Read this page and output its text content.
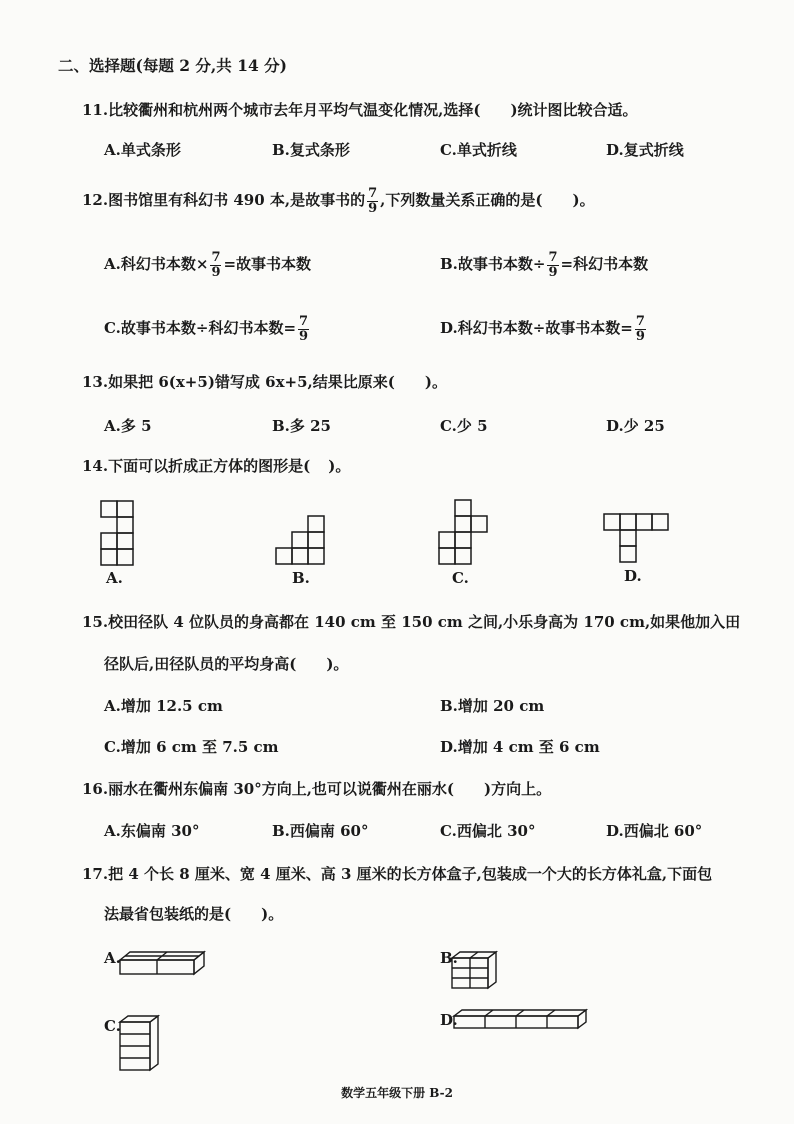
二、选择题(每题 2 分,共 14 分)
11.比较衢州和杭州两个城市去年月平均气温变化情况,选择( )统计图比较合适。
A.单式条形	B.复式条形	C.单式折线	D.复式折线
12.图书馆里有科幻书 490 本,是故事书的 $\frac{7}{9}$ ,下列数量关系正确的是( )。
A.科幻书本数× $\frac{7}{9}$ =故事书本数	B.故事书本数÷ $\frac{7}{9}$ =科幻书本数
C.故事书本数÷科幻书本数= $\frac{7}{9}$	D.科幻书本数÷故事书本数= $\frac{7}{9}$
13.如果把 6(x+5)错写成 6x+5,结果比原来( )。
A.多 5	B.多 25	C.少 5	D.少 25
14.下面可以折成正方体的图形是( )。
A.	B.	C.	D.
15.校田径队 4 位队员的身高都在 140 cm 至 150 cm 之间,小乐身高为 170 cm,如果他加入田
径队后,田径队员的平均身高( )。
A.增加 12.5 cm	B.增加 20 cm
C.增加 6 cm 至 7.5 cm	D.增加 4 cm 至 6 cm
16.丽水在衢州东偏南 30°方向上,也可以说衢州在丽水( )方向上。
A.东偏南 30°	B.西偏南 60°	C.西偏北 30°	D.西偏北 60°
17.把 4 个长 8 厘米、宽 4 厘米、高 3 厘米的长方体盒子,包装成一个大的长方体礼盒,下面包
法最省包装纸的是( )。
A.	B.
C.	D.
数学五年级下册 B-2
